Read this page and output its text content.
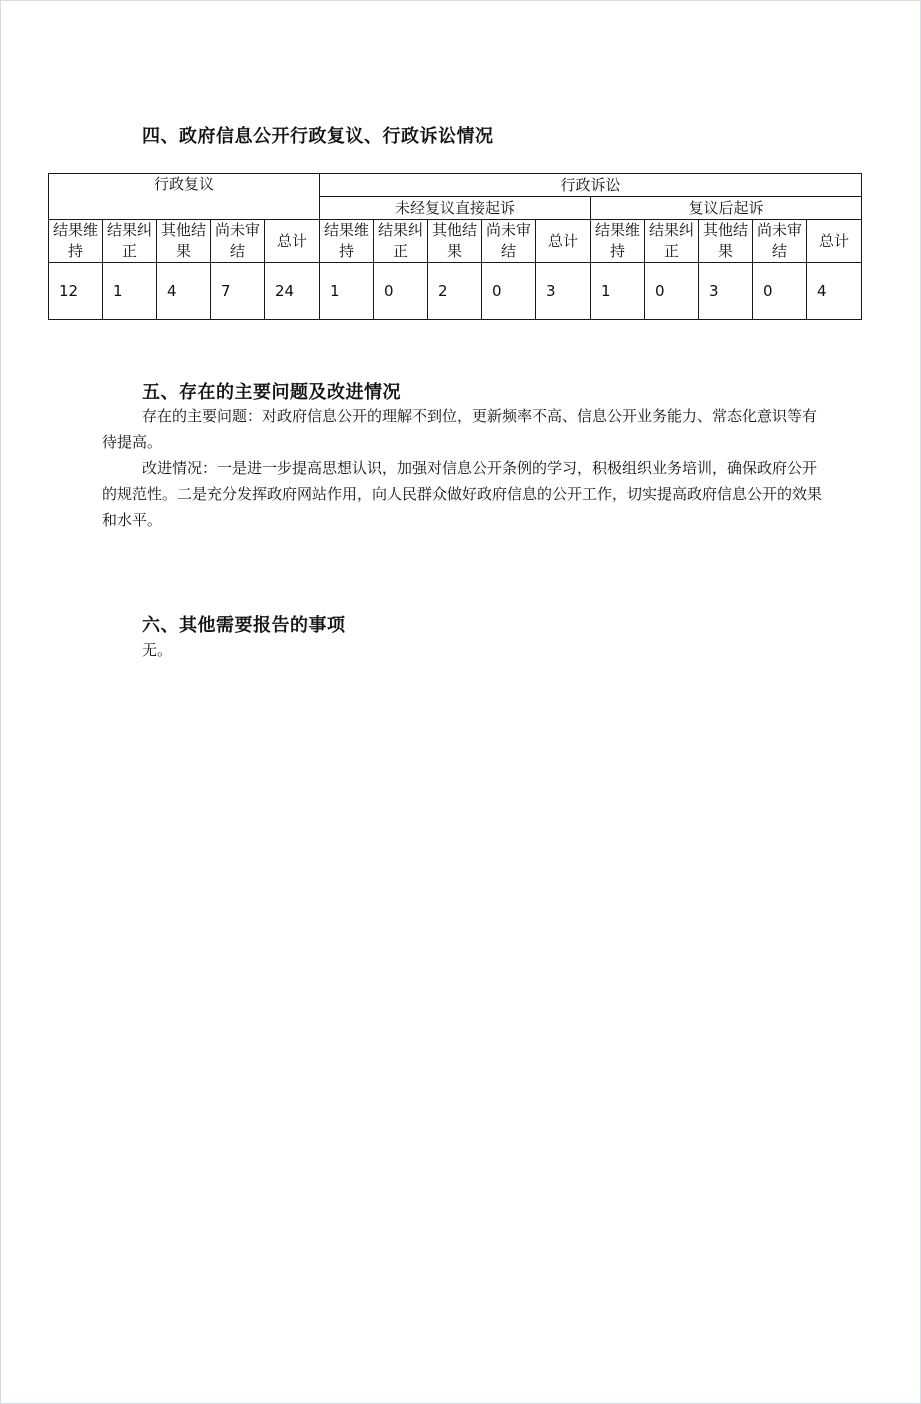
四、政府信息公开行政复议、行政诉讼情况
行政复议					行政诉讼									
					未经复议直接起诉					复议后起诉				

结果维持	结果纠正	其他结果	尚未审结	总计	结果维持	结果纠正	其他结果	尚未审结	总计	结果维持	结果纠正	其他结果	尚未审结	总计

12	1	4	7	24	1	0	2	0	3	1	0	3	0	4
五、存在的主要问题及改进情况
存在的主要问题：对政府信息公开的理解不到位，更新频率不高、信息公开业务能力、常态化意识等有待提高。
改进情况：一是进一步提高思想认识，加强对信息公开条例的学习，积极组织业务培训，确保政府公开的规范性。二是充分发挥政府网站作用，向人民群众做好政府信息的公开工作，切实提高政府信息公开的效果和水平。
六、其他需要报告的事项
无。
